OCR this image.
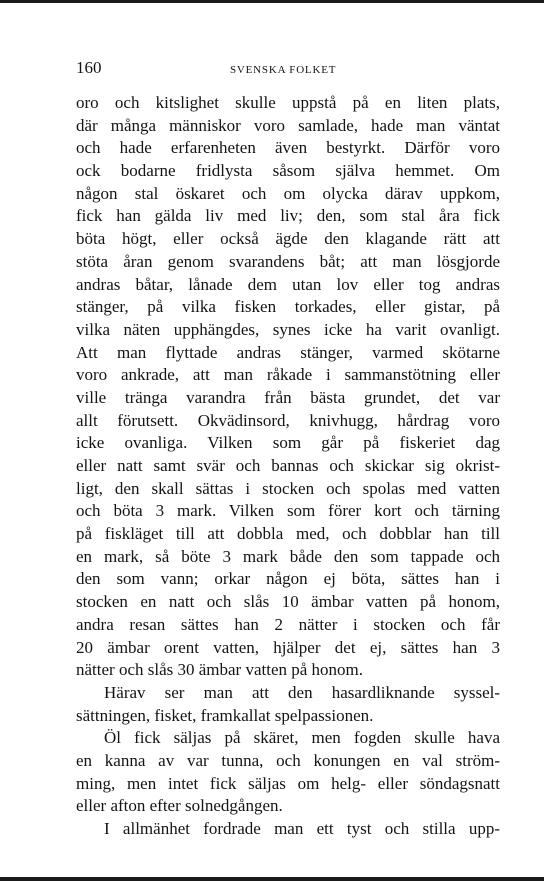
160	SVENSKA FOLKET
oro och kitslighet skulle uppstå på en liten plats,
där många människor voro samlade, hade man väntat
och hade erfarenheten även bestyrkt. Därför voro
ock bodarne fridlysta såsom själva hemmet. Om
någon stal öskaret och om olycka därav uppkom,
fick han gälda liv med liv; den, som stal åra fick
böta högt, eller också ägde den klagande rätt att
stöta åran genom svarandens båt; att man lösgjorde
andras båtar, lånade dem utan lov eller tog andras
stänger, på vilka fisken torkades, eller gistar, på
vilka näten upphängdes, synes icke ha varit ovanligt.
Att man flyttade andras stänger, varmed skötarne
voro ankrade, att man råkade i sammanstötning eller
ville tränga varandra från bästa grundet, det var
allt förutsett. Okvädinsord, knivhugg, hårdrag voro
icke ovanliga. Vilken som går på fiskeriet dag
eller natt samt svär och bannas och skickar sig okrist-
ligt, den skall sättas i stocken och spolas med vatten
och böta 3 mark. Vilken som förer kort och tärning
på fiskläget till att dobbla med, och dobblar han till
en mark, så böte 3 mark både den som tappade och
den som vann; orkar någon ej böta, sättes han i
stocken en natt och slås 10 ämbar vatten på honom,
andra resan sättes han 2 nätter i stocken och får
20 ämbar orent vatten, hjälper det ej, sättes han 3
nätter och slås 30 ämbar vatten på honom.
Härav ser man att den hasardliknande syssel-
sättningen, fisket, framkallat spelpassionen.
Öl fick säljas på skäret, men fogden skulle hava
en kanna av var tunna, och konungen en val ström-
ming, men intet fick säljas om helg- eller söndagsnatt
eller afton efter solnedgången.
I allmänhet fordrade man ett tyst och stilla upp-
